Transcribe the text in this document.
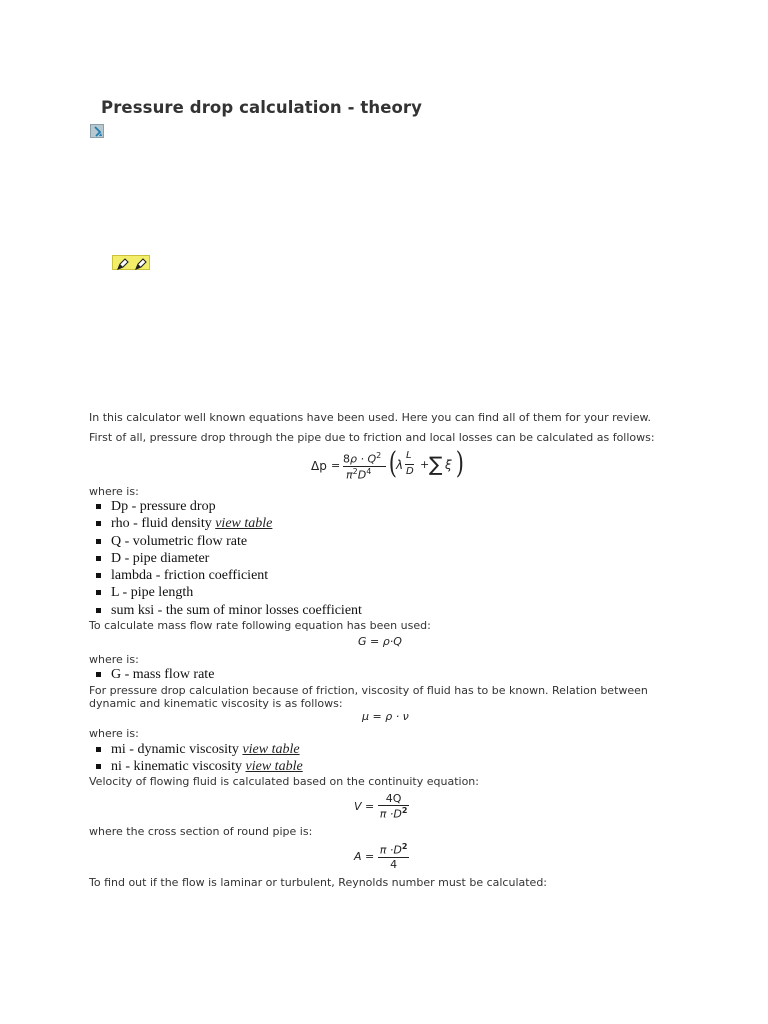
Pressure drop calculation - theory

In this calculator well known equations have been used. Here you can find all of them for your review.

First of all, pressure drop through the pipe due to friction and local losses can be calculated as follows:

$\Delta p = 8\rho \cdot Q^2$
$\pi^2D^4$ ( λ
L
D
+ ∑ ξ )

where is:

Dp - pressure drop
rho - fluid density view table
Q - volumetric flow rate
D - pipe diameter
lambda - friction coefficient
L - pipe length
sum ksi - the sum of minor losses coefficient

To calculate mass flow rate following equation has been used:

G = ρ·Q

where is:

G - mass flow rate

For pressure drop calculation because of friction, viscosity of fluid has to be known. Relation between

dynamic and kinematic viscosity is as follows:

μ = ρ · ν

where is:

mi - dynamic viscosity view table
ni - kinematic viscosity view table

Velocity of flowing fluid is calculated based on the continuity equation:

$V = \frac{4Q}{\pi \cdot D^2}$

where the cross section of round pipe is:

$A = \frac{\pi \cdot D^2}{4}$

To find out if the flow is laminar or turbulent, Reynolds number must be calculated:
